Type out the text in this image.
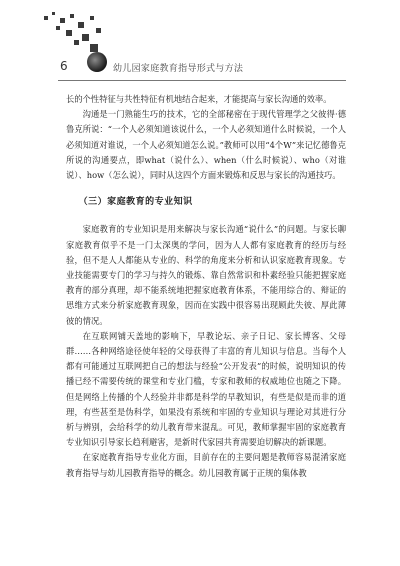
6	幼儿园家庭教育指导形式与方法

长的个性特征与共性特征有机地结合起来，才能提高与家长沟通的效率。

沟通是一门熟能生巧的技术，它的全部秘密在于现代管理学之父彼得·德鲁克所说：“一个人必须知道该说什么，一个人必须知道什么时候说，一个人必须知道对谁说，一个人必须知道怎么说。”教师可以用“4个W”来记忆德鲁克所说的沟通要点，即what（说什么）、when（什么时候说）、who（对谁说）、how（怎么说），同时从这四个方面来锻炼和反思与家长的沟通技巧。

（三）家庭教育的专业知识

家庭教育的专业知识是用来解决与家长沟通“说什么”的问题。与家长聊家庭教育似乎不是一门太深奥的学问，因为人人都有家庭教育的经历与经验，但不是人人都能从专业的、科学的角度来分析和认识家庭教育现象。专业技能需要专门的学习与持久的锻炼、靠自然常识和朴素经验只能把握家庭教育的部分真理，却不能系统地把握家庭教育体系，不能用综合的、辩证的思维方式来分析家庭教育现象，因而在实践中很容易出现顾此失彼、厚此薄彼的情况。

在互联网铺天盖地的影响下，早教论坛、亲子日记、家长博客、父母群……各种网络途径使年轻的父母获得了丰富的育儿知识与信息。当每个人都有可能通过互联网把自己的想法与经验“公开发表”的时候，说明知识的传播已经不需要传统的课堂和专业门槛，专家和教师的权威地位也随之下降。但是网络上传播的个人经验并非都是科学的早教知识，有些是似是而非的道理，有些甚至是伪科学，如果没有系统和牢固的专业知识与理论对其进行分析与辨别，会给科学的幼儿教育带来混乱。可见，教师掌握牢固的家庭教育专业知识引导家长趋利避害，是新时代家园共育需要迫切解决的新课题。

在家庭教育指导专业化方面，目前存在的主要问题是教师容易混淆家庭教育指导与幼儿园教育指导的概念。幼儿园教育属于正规的集体教
